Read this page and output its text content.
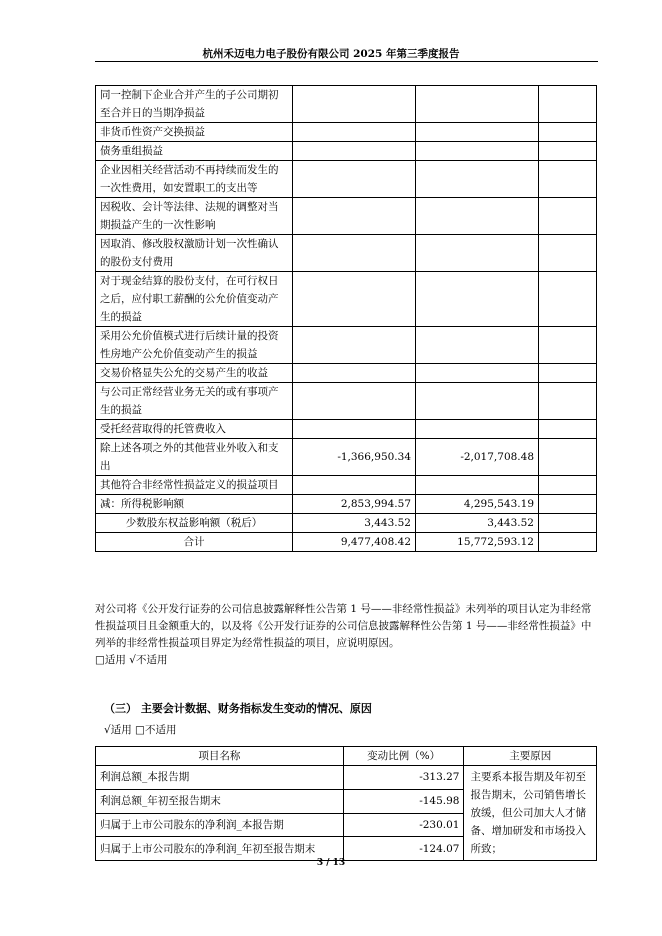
杭州禾迈电力电子股份有限公司 2025 年第三季度报告
同一控制下企业合并产生的子公司期初至合并日的当期净损益			
非货币性资产交换损益			
债务重组损益			
企业因相关经营活动不再持续而发生的一次性费用，如安置职工的支出等			
因税收、会计等法律、法规的调整对当期损益产生的一次性影响			
因取消、修改股权激励计划一次性确认的股份支付费用			
对于现金结算的股份支付，在可行权日之后，应付职工薪酬的公允价值变动产生的损益			
采用公允价值模式进行后续计量的投资性房地产公允价值变动产生的损益			
交易价格显失公允的交易产生的收益			
与公司正常经营业务无关的或有事项产生的损益			
受托经营取得的托管费收入			
除上述各项之外的其他营业外收入和支出	-1,366,950.34	-2,017,708.48	
其他符合非经常性损益定义的损益项目			
减：所得税影响额	2,853,994.57	4,295,543.19	
少数股东权益影响额（税后）	3,443.52	3,443.52	
合计	9,477,408.42	15,772,593.12	
对公司将《公开发行证券的公司信息披露解释性公告第 1 号——非经常性损益》未列举的项目认定为非经常性损益项目且金额重大的，以及将《公开发行证券的公司信息披露解释性公告第 1 号——非经常性损益》中列举的非经常性损益项目界定为经常性损益的项目，应说明原因。
□适用 √不适用
（三） 主要会计数据、财务指标发生变动的情况、原因
√适用 □不适用
项目名称	变动比例（%）	主要原因
利润总额_本报告期	-313.27	主要系本报告期及年初至报告期末，公司销售增长放缓，但公司加大人才储备、增加研发和市场投入所致；
利润总额_年初至报告期末	-145.98	
归属于上市公司股东的净利润_本报告期	-230.01	
归属于上市公司股东的净利润_年初至报告期末	-124.07	
3 / 13
